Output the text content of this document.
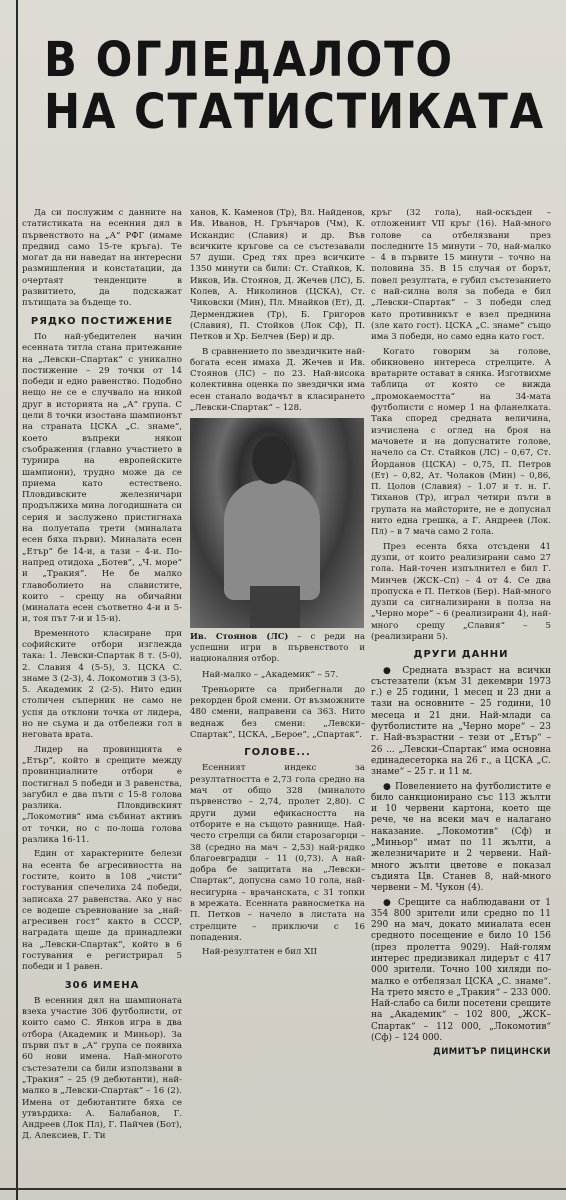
В ОГЛЕДАЛОТО
НА СТАТИСТИКАТА

Да си послужим с данните на статистиката на есенния дял в първенството на „А“ РФГ (имаме предвид само 15-те кръга). Те могат да ни наведат на интересни размишления и констатации, да очертаят тенденците в развитието, да подскажат пътищата за бъдеще то.

РЯДКО ПОСТИЖЕНИЕ

По най-убедителен начин есенната титла стана притежание на „Левски–Спартак“ с уникално постижение – 29 точки от 14 победи и едно равенство. Подобно нещо не се е случвало на никой друг в историята на „А“ група. С цели 8 точки изостана шампионът на страната ЦСКА „С. знаме“, което въпреки някои съображения (главно участието в турнира на европейските шампиони), трудно може да се приема като естествено. Пловдивските железничари продължиха мина логодишната си серия и заслужено пристигнаха на полуетапа трети (миналата есен бяха първи). Миналата есен „Етър“ бе 14-и, а тази – 4-и. По-напред отидоха „Ботев“, „Ч. море“ и „Тракия“. Не бе малко главоболието на славистите, които – срещу на обичайни (миналата есен съответно 4-и и 5-и, тоя път 7-и и 15-и).

Временното класиране при софийските отбори изглежда така: 1. Левски-Спартак 8 т. (5-0), 2. Славия 4 (5-5), 3. ЦСКА С. знаме 3 (2-3), 4. Локомотив 3 (3-5), 5. Академик 2 (2-5). Нито един столичен съперник не само не успя да отклони точка от лидера, но не сьума и да отбележи гол в неговата врата.

Лидер на провинцията е „Етър“, който в срещите между провинциалните отбори е постигнал 5 победи и 3 равенства, загубил е два пъти с 15-8 голова разлика. Пловдивският „Локомотив“ има събинат активъ от точки, но с по-лоша голова разлика 16-11.

Един от характерните белези на есента бе агресивността на гостите, които в 108 „чисти“ гостувания спечелиха 24 победи, записаха 27 равенства. Ако у нас се водеше съревнование за „най-агресивен гост“ както в СССР, наградата щеше да принадлежи на „Левски-Спартак“, който в 6 гостувания е регистрирал 5 победи и 1 равен.

306 ИМЕНА

В есенния дял на шампионата взеха участие 306 футболисти, от които само С. Янков игра в два отбора (Академик и Миньор). За първи път в „А“ група се появиха 60 нови имена. Най-многото състезатели са били използвани в „Тракия“ – 25 (9 дебютанти), най-малко в „Левски-Спартак“ – 16 (2). Имена от дебютантите бяха се утвърдиха: А. Балабанов, Г. Андреев (Лок Пл), Г. Пайчев (Бот), Д. Алексиев, Г. Ти

ханов, К. Каменов (Тр), Вл. Найденов, Ив. Иванов, Н. Грънчаров (Чм), К. Искандис (Славия) и др. Във всичките кръгове са се състезавали 57 души. Сред тях през всичките 1350 минути са били: Ст. Стайков, К. Ивков, Ив. Стоянов, Д. Жечев (ЛС), Б. Колев, А. Николинов (ЦСКА), Ст. Чиковски (Мин), Пл. Мнайков (Ет), Д. Дерменджиев (Тр), Б. Григоров (Славия), П. Стойков (Лок Сф), П. Петков и Хр. Белчев (Бер) и др.

В сравнението по звездичките най-богата есен имаха Д. Жечев и Ив. Стоянов (ЛС) – по 23. Най-висока колективна оценка по звездички има есен станало водачът в класирането „Левски-Спартак“ – 128.

Ив. Стоянов (ЛС) – с реди на успешни игри в първенството и националния отбор.

Най-малко – „Академик“ – 57.

Треньорите са прибегнали до рекорден брой смени. От възможните 480 смени, направени са 363. Нито веднаж без смени: „Левски–Спартак“, ЦСКА, „Берое“, „Спартак“.

ГОЛОВЕ...

Есенният индекс за резултатността е 2,73 гола средно на мач от общо 328 (миналото първенство – 2,74, пролет 2,80). С други думи ефикасността на отборите е на същото равнище. Най-често стрелци са били старозагорци – 38 (средно на мач – 2,53) най-рядко благоевградци – 11 (0,73). А най-добра бе защитата на „Левски–Спартак“, допусна само 10 гола, най-несигурна – врачанската, с 31 топки в мрежата. Есенната равносметка на П. Петков – начело в листата на стрелците – приключи с 16 попадения.

Най-резултатен е бил XII

кръг (32 гола), най-оскъден – отложеният VII кръг (16). Най-много голове са отбелязвани през последните 15 минути – 70, най-малко – 4 в първите 15 минути – точно на половина 35. В 15 случая от борът, повел резултата, е губил състезанието с най-силна воля за победа е бил „Левски–Спартак“ – 3 победи след като противникът е взел преднина (зле като гост). ЦСКА „С. знаме“ също има 3 победи, но само една като гост.

Когато говорим за голове, обикновено интереса стрелците. А вратарите остават в сянка. Изготвихме таблица от която се вижда „промокаемостта“ на 34-мата футболисти с номер 1 на фланелката. Така според средната величина, изчислена с оглед на броя на мачовете и на допуснатите голове, начело са Ст. Стайков (ЛС) – 0,67, Ст. Йорданов (ЦСКА) – 0,75, П. Петров (Ет) – 0,82, Ат. Чолаков (Мин) – 0,86, П. Цолов (Славия) – 1.07 и т. н. Г. Тиханов (Тр), играл четири пъти в групата на майсторите, не е допуснал нито една грешка, а Г. Андреев (Лок. Пл) – в 7 мача само 2 гола.

През есента бяха отсъдени 41 дузпи, от които реализирани само 27 гола. Най-точен изпълнител е бил Г. Минчев (ЖСК–Сп) – 4 от 4. Се два пропуска е П. Петков (Бер). Най-много дузпи са сигнализирани в полза на „Черно море“ – 6 (реализирани 4), най-много срещу „Славия“ – 5 (реализирани 5).

ДРУГИ ДАННИ

● Средната възраст на всички състезатели (към 31 декември 1973 г.) е 25 години, 1 месец и 23 дни а тази на основните – 25 години, 10 месеца и 21 дни. Най-млади са футболистите на „Черно море“ – 23 г. Най-възрастни – тези от „Етър“ – 26 ... „Левски–Спартак“ има основна единадесеторка на 26 г., а ЦСКА „С. знаме“ – 25 г. и 11 м.

● Повелението на футболистите е било санкционирано със 113 жълти и 10 червени картона, което ще рече, че на всеки мач е налагано наказание. „Локомотив“ (Сф) и „Миньор“ имат по 11 жълти, а железничарите и 2 червени. Най-много жълти цветове е показал съдията Цв. Станев 8, най-много червени – М. Чукон (4).

● Срещите са наблюдавани от 1 354 800 зрители или средно по 11 290 на мач, докато миналата есен средното посещение е било 10 156 (през пролетта 9029). Най-голям интерес предизвикал лидерът с 417 000 зрители. Точно 100 хиляди по-малко е отбелязал ЦСКА „С. знаме“. На трето място е „Тракия“ – 233 000. Най-слабо са били посетени срещите на „Академик“ – 102 800, „ЖСК–Спартак“ – 112 000, „Локомотив“ (Сф) – 124 000.

ДИМИТЪР ПИЦИНСКИ
